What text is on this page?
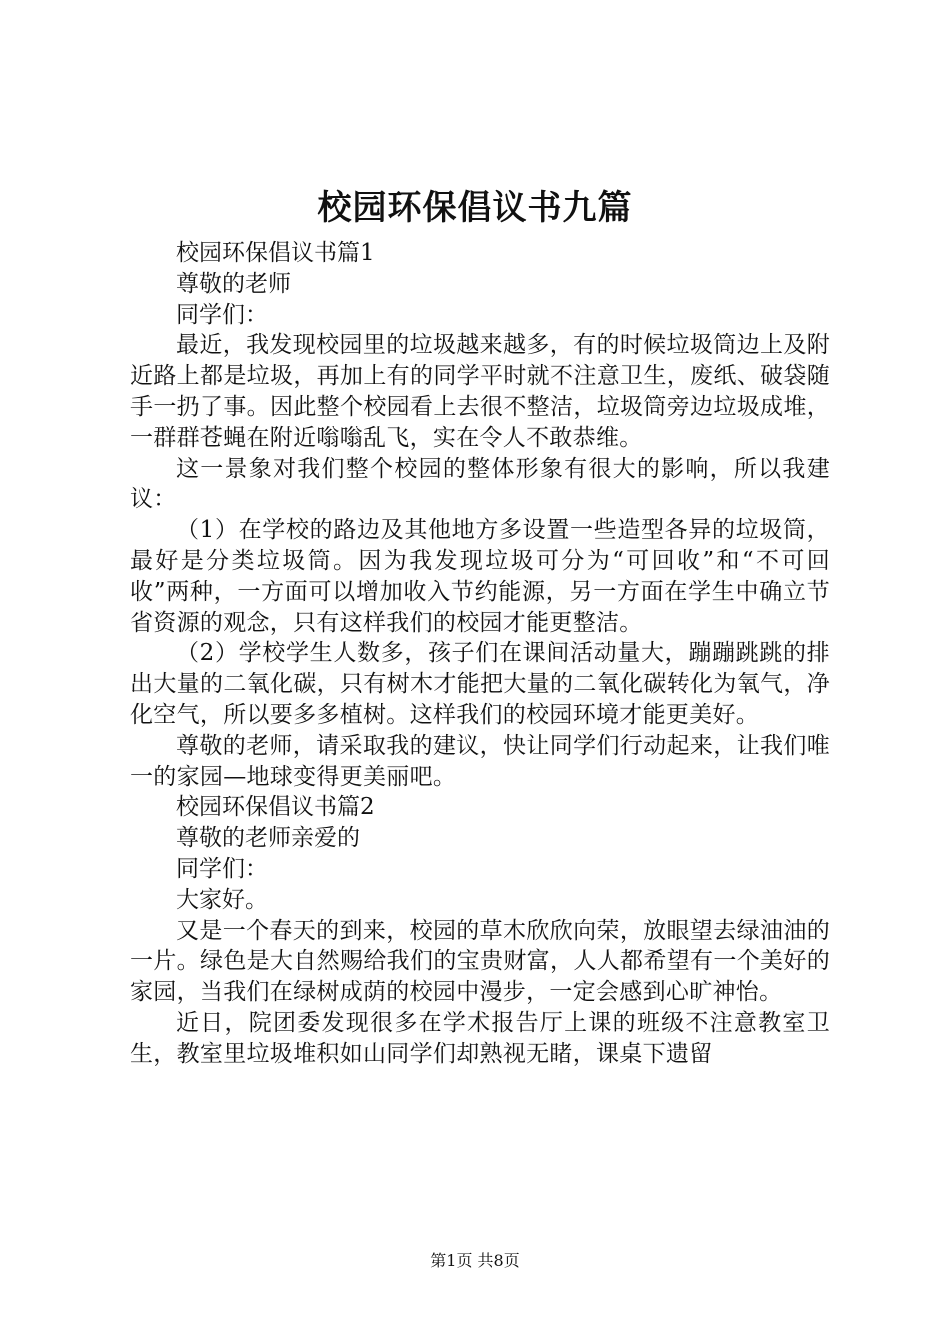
校园环保倡议书九篇

校园环保倡议书篇1

尊敬的老师

同学们：

最近，我发现校园里的垃圾越来越多，有的时候垃圾筒边上及附近路上都是垃圾，再加上有的同学平时就不注意卫生，废纸、破袋随手一扔了事。因此整个校园看上去很不整洁，垃圾筒旁边垃圾成堆，一群群苍蝇在附近嗡嗡乱飞，实在令人不敢恭维。

这一景象对我们整个校园的整体形象有很大的影响，所以我建议：

（1）在学校的路边及其他地方多设置一些造型各异的垃圾筒，最好是分类垃圾筒。因为我发现垃圾可分为“可回收”和“不可回收”两种，一方面可以增加收入节约能源，另一方面在学生中确立节省资源的观念，只有这样我们的校园才能更整洁。

（2）学校学生人数多，孩子们在课间活动量大，蹦蹦跳跳的排出大量的二氧化碳，只有树木才能把大量的二氧化碳转化为氧气，净化空气，所以要多多植树。这样我们的校园环境才能更美好。

尊敬的老师，请采取我的建议，快让同学们行动起来，让我们唯一的家园—地球变得更美丽吧。

校园环保倡议书篇2

尊敬的老师亲爱的

同学们：

大家好。

又是一个春天的到来，校园的草木欣欣向荣，放眼望去绿油油的一片。绿色是大自然赐给我们的宝贵财富，人人都希望有一个美好的家园，当我们在绿树成荫的校园中漫步，一定会感到心旷神怡。

近日，院团委发现很多在学术报告厅上课的班级不注意教室卫生，教室里垃圾堆积如山同学们却熟视无睹，课桌下遗留

第1页 共8页
